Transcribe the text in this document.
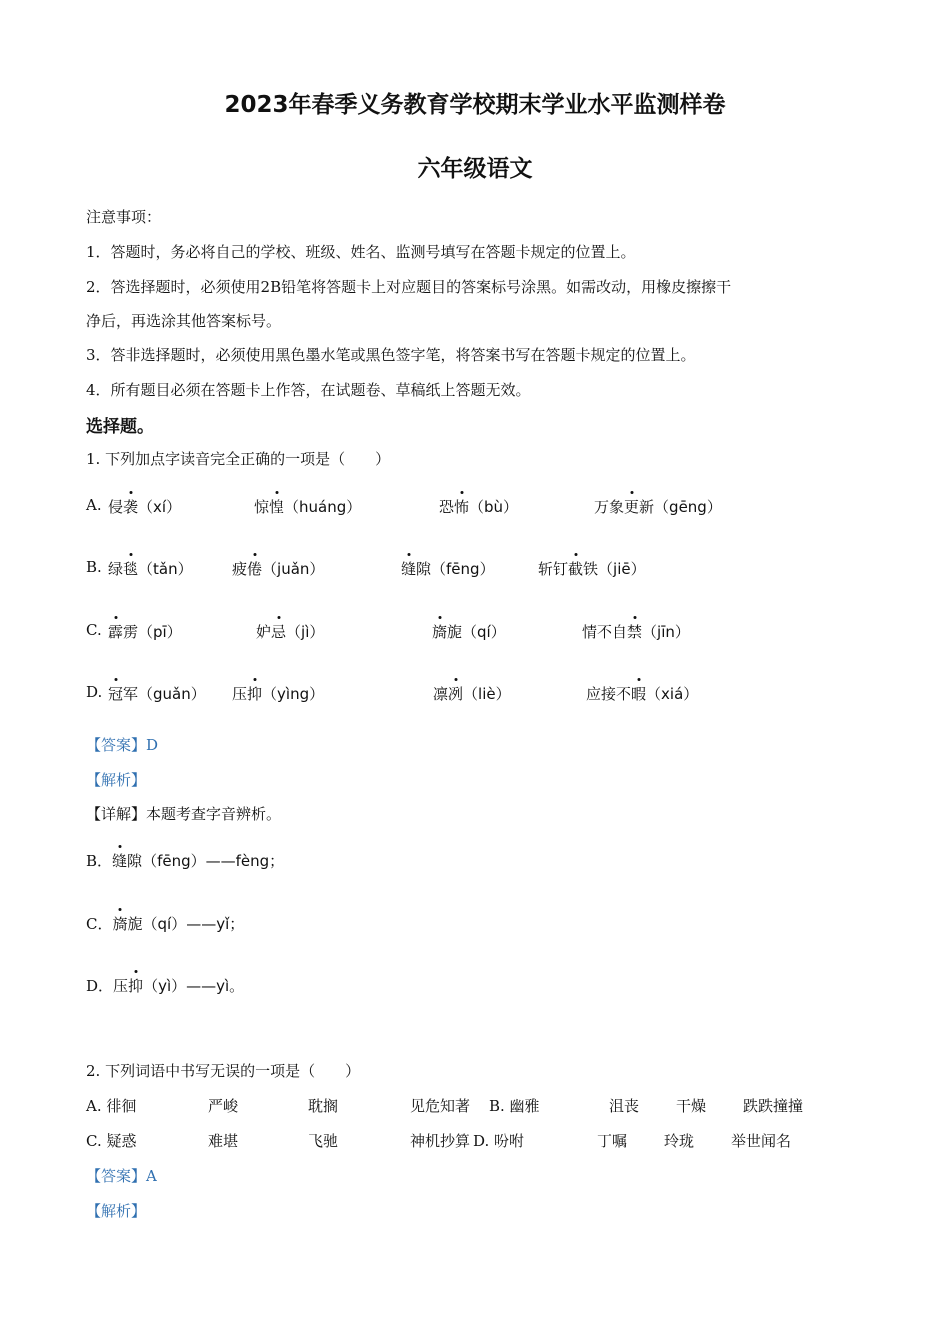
2023年春季义务教育学校期末学业水平监测样卷
六年级语文
注意事项：
1．答题时，务必将自己的学校、班级、姓名、监测号填写在答题卡规定的位置上。
2．答选择题时，必须使用2B铅笔将答题卡上对应题目的答案标号涂黑。如需改动，用橡皮擦擦干
净后，再选涂其他答案标号。
3．答非选择题时，必须使用黑色墨水笔或黑色签字笔，将答案书写在答题卡规定的位置上。
4．所有题目必须在答题卡上作答，在试题卷、草稿纸上答题无效。
选择题。
1. 下列加点字读音完全正确的一项是（　　）
A. 侵袭（xí）	惊惶（huáng）	恐怖（bù）	万象更新（gēng）
B. 绿毯（tǎn）	疲倦（juǎn）	缝隙（fēng）	斩钉截铁（jiē）
C. 霹雳（pī）	妒忌（jì）	旖旎（qí）	情不自禁（jīn）
D. 冠军（guǎn） 压抑（yìng）	凛冽（liè）	应接不暇（xiá）
【答案】D
【解析】
【详解】本题考查字音辨析。
B．缝隙（fēng）——fèng；
C．旖旎（qí）——yǐ；
D．压抑（yì）——yì。
2. 下列词语中书写无误的一项是（　　）
A. 徘徊	严峻	耽搁	见危知著 B. 幽雅	沮丧 干燥 跌跌撞撞
C. 疑惑	难堪	飞驰	神机抄算 D. 吩咐	丁嘱 玲珑 举世闻名
【答案】A
【解析】
